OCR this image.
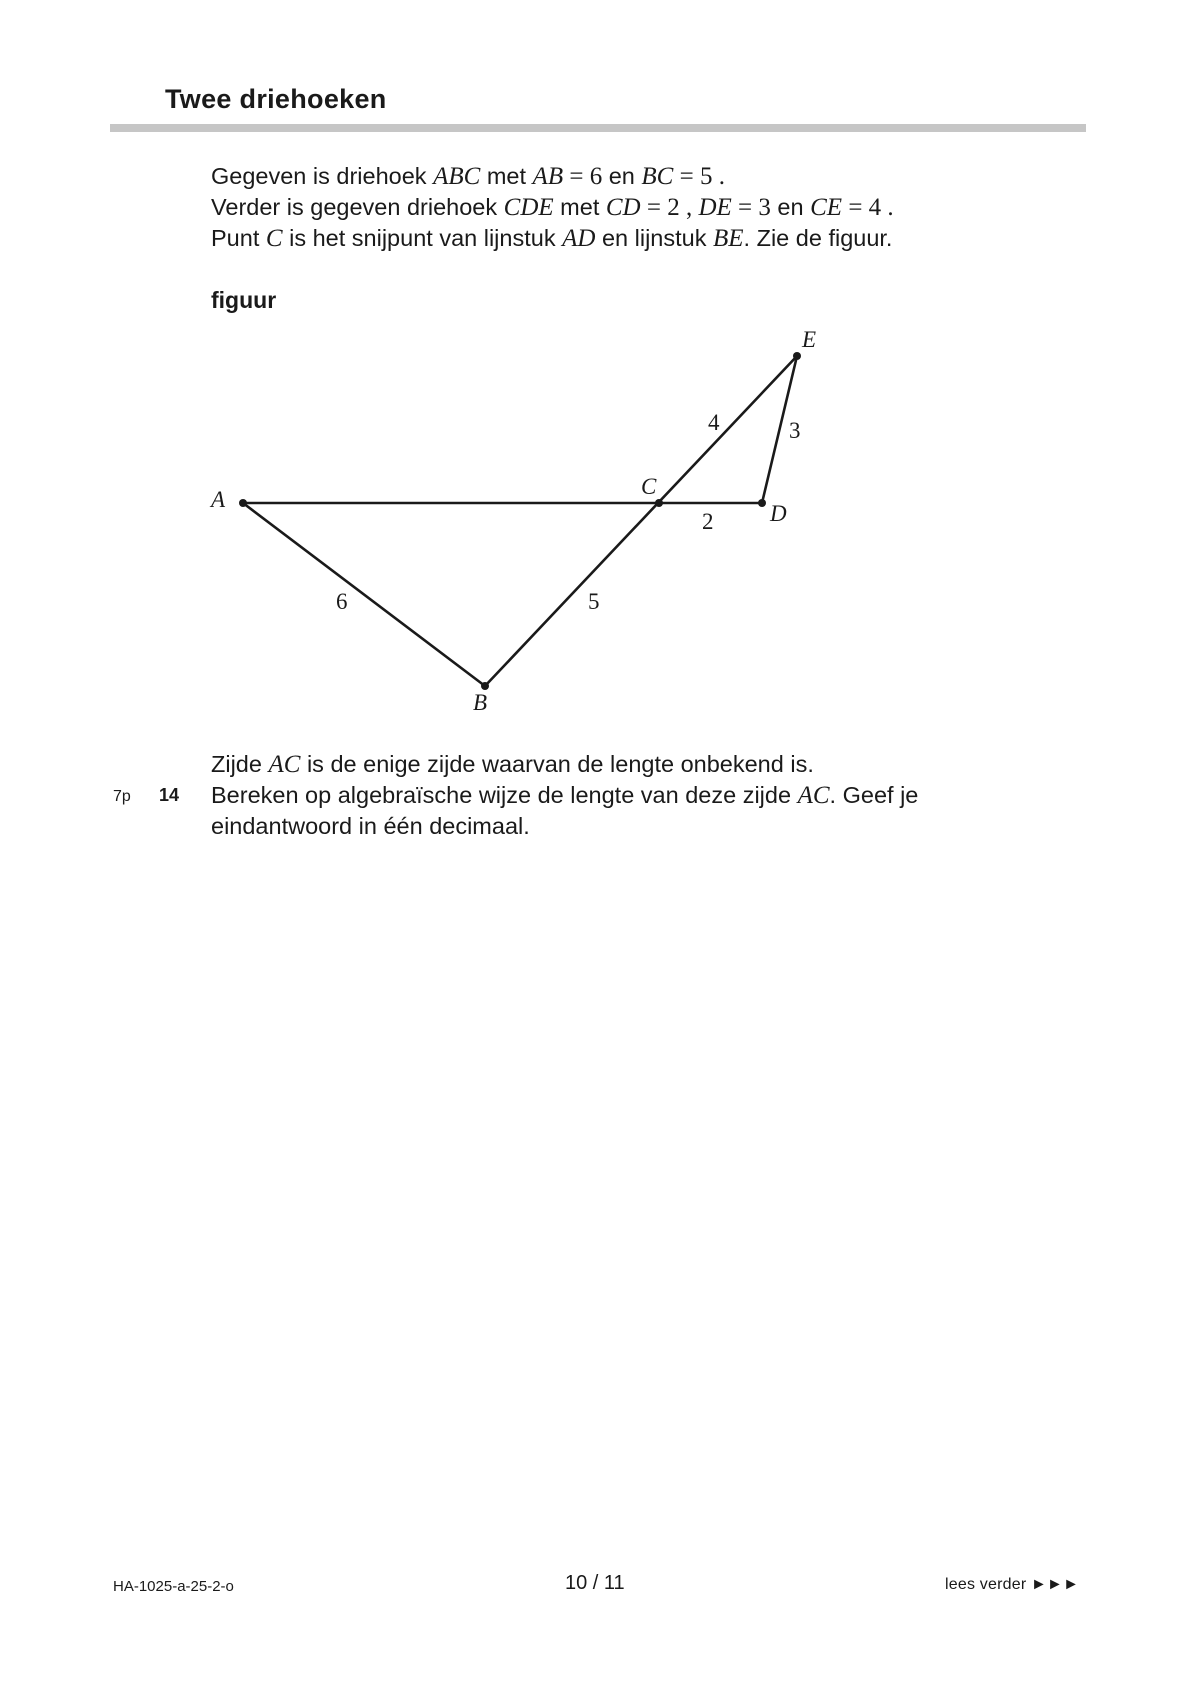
Twee driehoeken
Gegeven is driehoek ABC met AB = 6 en BC = 5 .
Verder is gegeven driehoek CDE met CD = 2 , DE = 3 en CE = 4 .
Punt C is het snijpunt van lijnstuk AD en lijnstuk BE. Zie de figuur.
figuur
A
B
C
D
E
6	5
2
3
4
Zijde AC is de enige zijde waarvan de lengte onbekend is.
7p 14 Bereken op algebraïsche wijze de lengte van deze zijde AC. Geef je
eindantwoord in één decimaal.
HA-1025-a-25-2-o	10 / 11	lees verder ►►►
